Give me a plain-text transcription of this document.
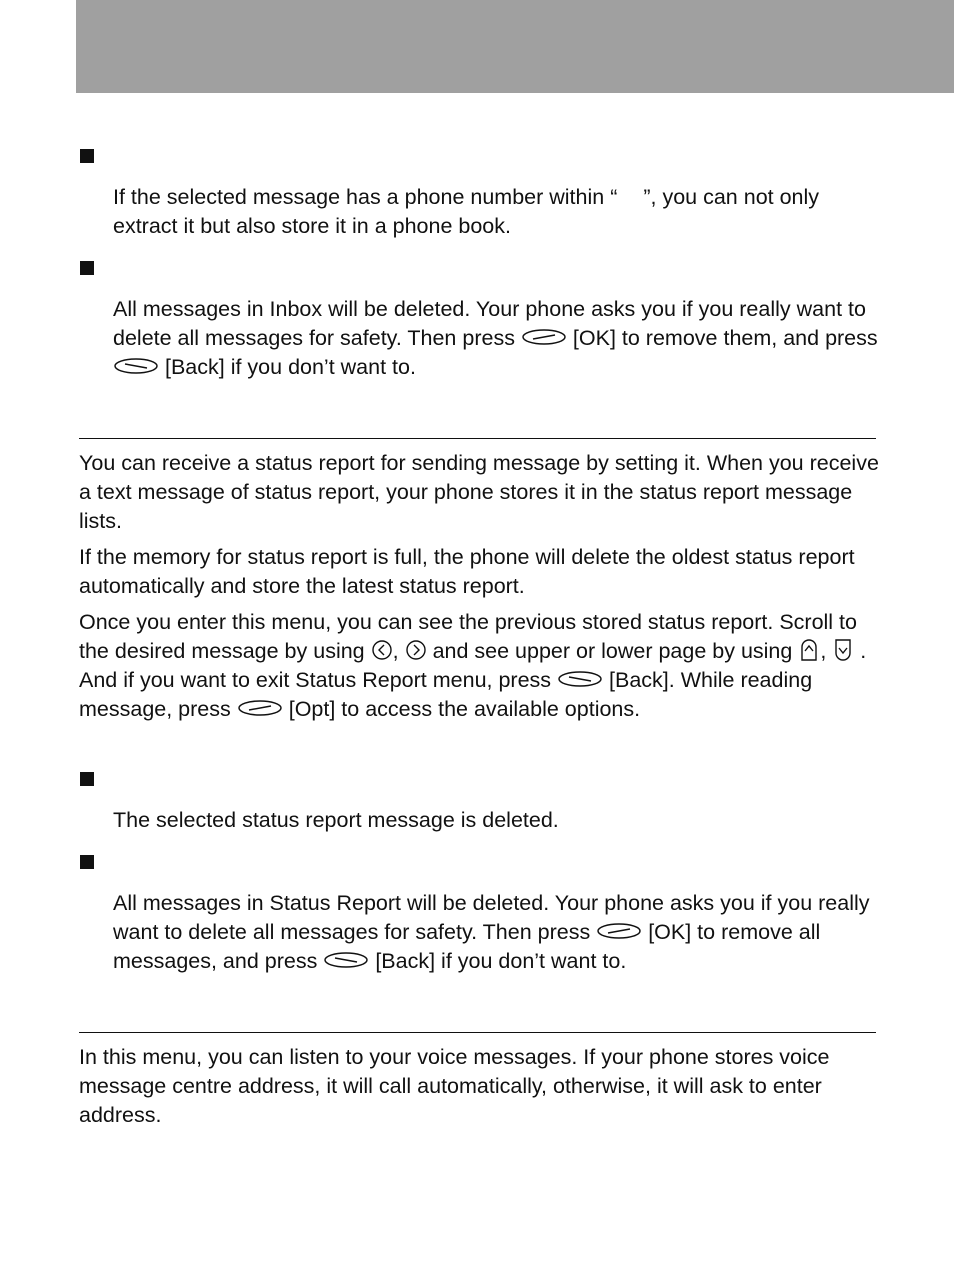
If the selected message has a phone number within “ ”, you can not only extract it but also store it in a phone book.

All messages in Inbox will be deleted. Your phone asks you if you really want to delete all messages for safety. Then press	[OK] to remove them, and press
[Back] if you don’t want to.

You can receive a status report for sending message by setting it. When you receive a text message of status report, your phone stores it in the status report message lists.

If the memory for status report is full, the phone will delete the oldest status report automatically and store the latest status report.

Once you enter this menu, you can see the previous stored status report. Scroll to the desired message by using ,
and see upper or lower page by using ,
. And if you want to exit Status Report menu, press	[Back]. While reading message, press	[Opt] to access the available options.

The selected status report message is deleted.

All messages in Status Report will be deleted. Your phone asks you if you really want to delete all messages for safety. Then press	[OK] to remove all messages, and press	[Back] if you don’t want to.

In this menu, you can listen to your voice messages. If your phone stores voice message centre address, it will call automatically, otherwise, it will ask to enter address.
